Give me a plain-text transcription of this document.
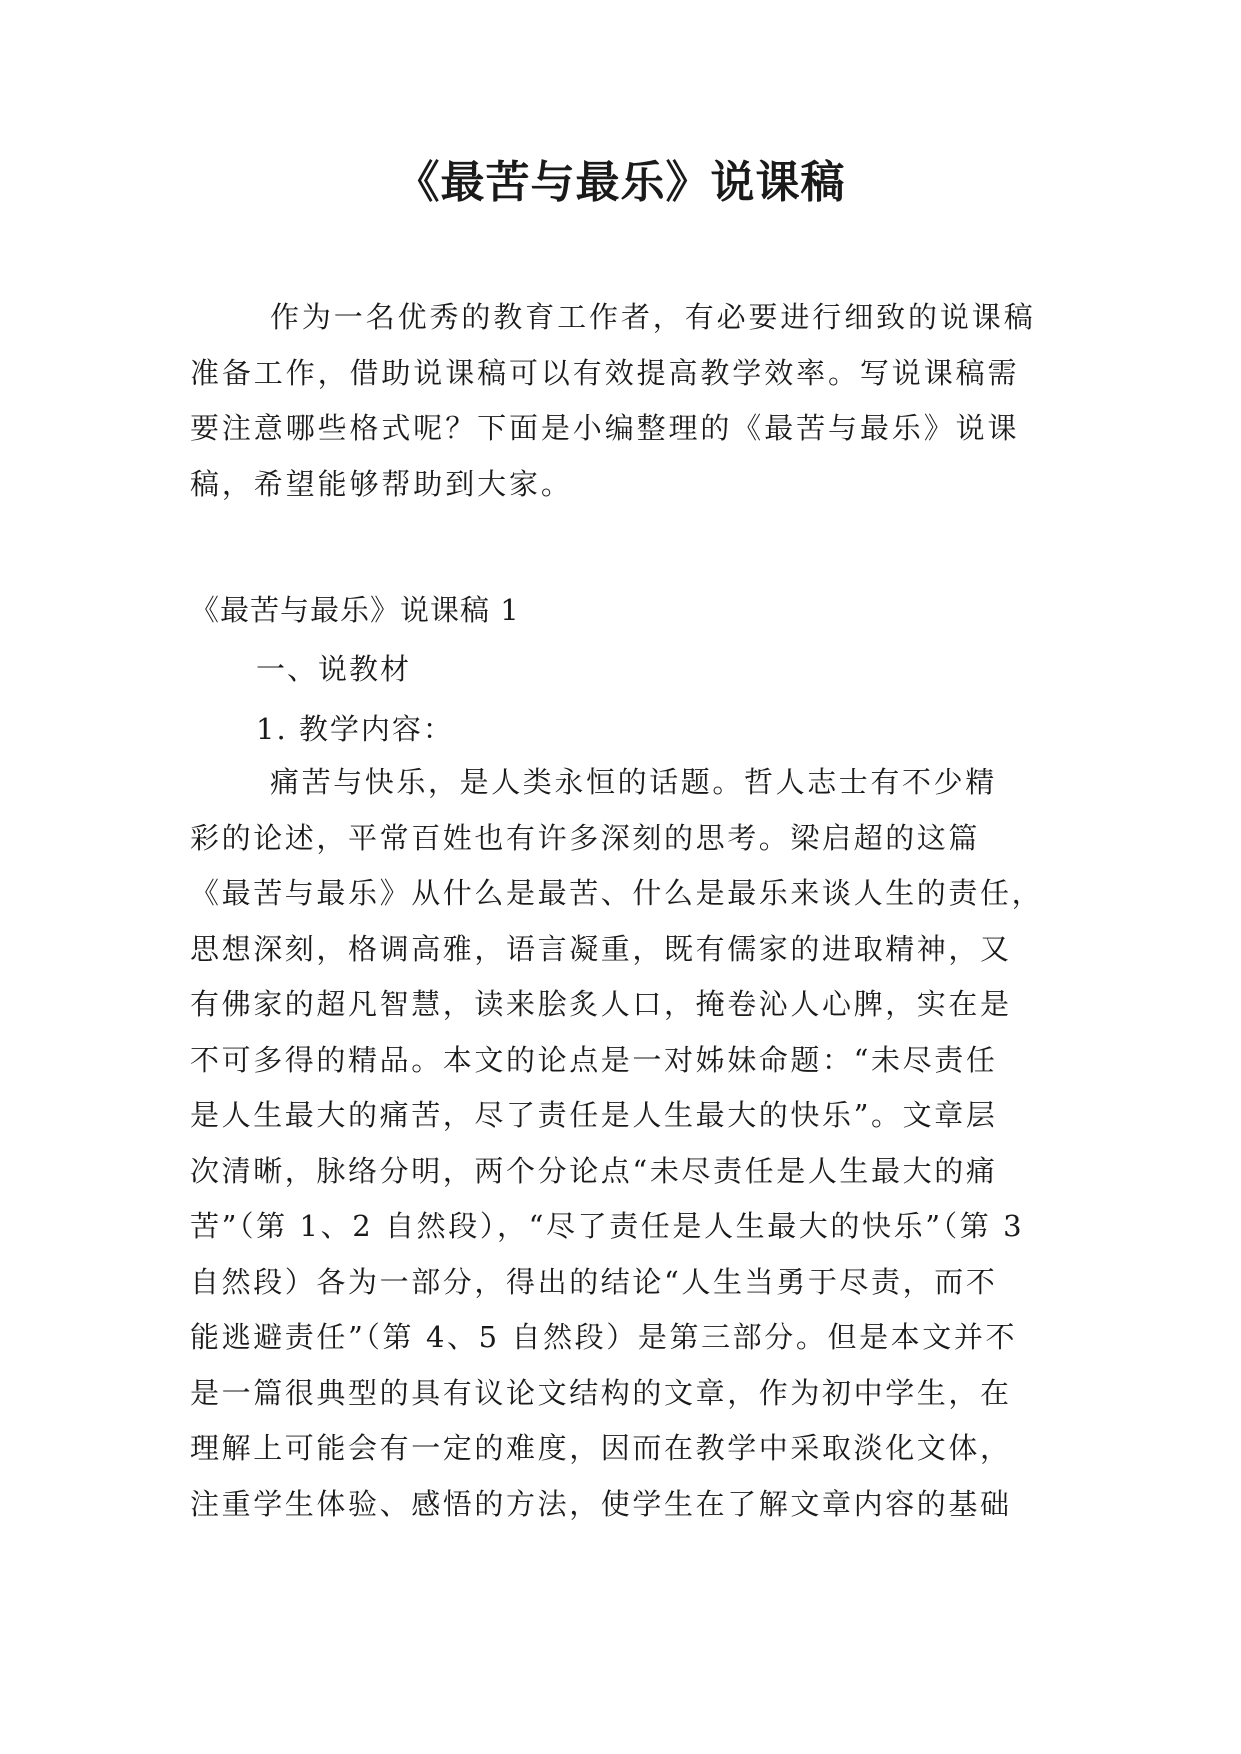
《最苦与最乐》说课稿
作为一名优秀的教育工作者，有必要进行细致的说课稿
准备工作，借助说课稿可以有效提高教学效率。写说课稿需
要注意哪些格式呢？下面是小编整理的《最苦与最乐》说课
稿，希望能够帮助到大家。
《最苦与最乐》说课稿 1
一、说教材
1. 教学内容：
痛苦与快乐，是人类永恒的话题。哲人志士有不少精
彩的论述，平常百姓也有许多深刻的思考。梁启超的这篇
《最苦与最乐》从什么是最苦、什么是最乐来谈人生的责任，
思想深刻，格调高雅，语言凝重，既有儒家的进取精神，又
有佛家的超凡智慧，读来脍炙人口，掩卷沁人心脾，实在是
不可多得的精品。本文的论点是一对姊妹命题：“未尽责任
是人生最大的痛苦，尽了责任是人生最大的快乐”。文章层
次清晰，脉络分明，两个分论点“未尽责任是人生最大的痛
苦”（第 1、2 自然段），“尽了责任是人生最大的快乐”（第 3
自然段）各为一部分，得出的结论“人生当勇于尽责，而不
能逃避责任”（第 4、5 自然段）是第三部分。但是本文并不
是一篇很典型的具有议论文结构的文章，作为初中学生，在
理解上可能会有一定的难度，因而在教学中采取淡化文体，
注重学生体验、感悟的方法，使学生在了解文章内容的基础
